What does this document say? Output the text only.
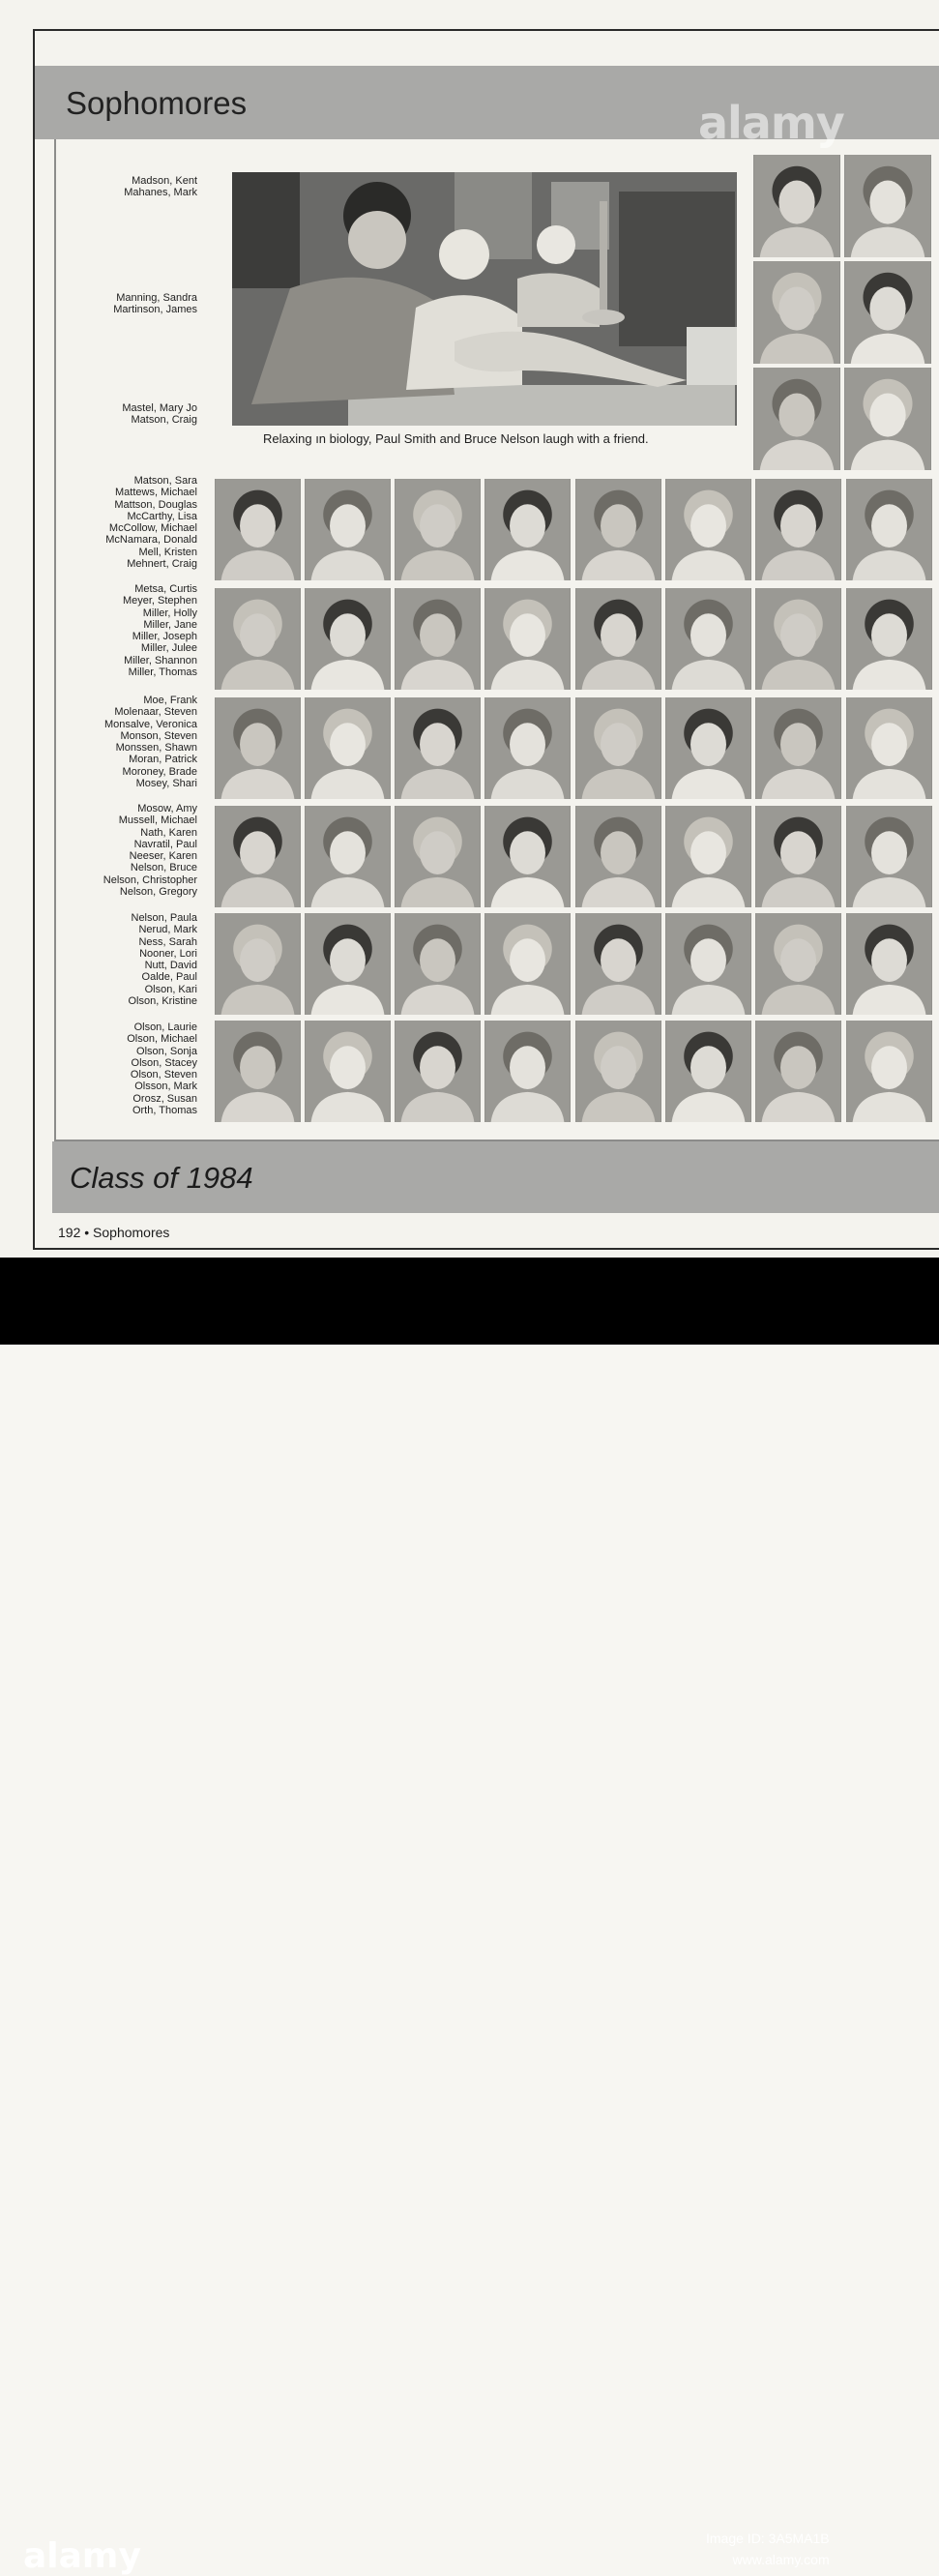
Sophomores
Madson, Kent
Mahanes, Mark
Manning, Sandra
Martinson, James
Mastel, Mary Jo
Matson, Craig
Relaxing ın biology, Paul Smith and Bruce Nelson laugh with a friend.
Matson, Sara
Mattews, Michael
Mattson, Douglas
McCarthy, Lisa
McCollow, Michael
McNamara, Donald
Mell, Kristen
Mehnert, Craig
Metsa, Curtis
Meyer, Stephen
Miller, Holly
Miller, Jane
Miller, Joseph
Miller, Julee
Miller, Shannon
Miller, Thomas
Moe, Frank
Molenaar, Steven
Monsalve, Veronica
Monson, Steven
Monssen, Shawn
Moran, Patrick
Moroney, Brade
Mosey, Shari
Mosow, Amy
Mussell, Michael
Nath, Karen
Navratil, Paul
Neeser, Karen
Nelson, Bruce
Nelson, Christopher
Nelson, Gregory
Nelson, Paula
Nerud, Mark
Ness, Sarah
Nooner, Lori
Nutt, David
Oalde, Paul
Olson, Kari
Olson, Kristine
Olson, Laurie
Olson, Michael
Olson, Sonja
Olson, Stacey
Olson, Steven
Olsson, Mark
Orosz, Susan
Orth, Thomas
Class of 1984
192 • Sophomores
alamy
alamy	Image ID: 3A5MA1B
www.alamy.com
